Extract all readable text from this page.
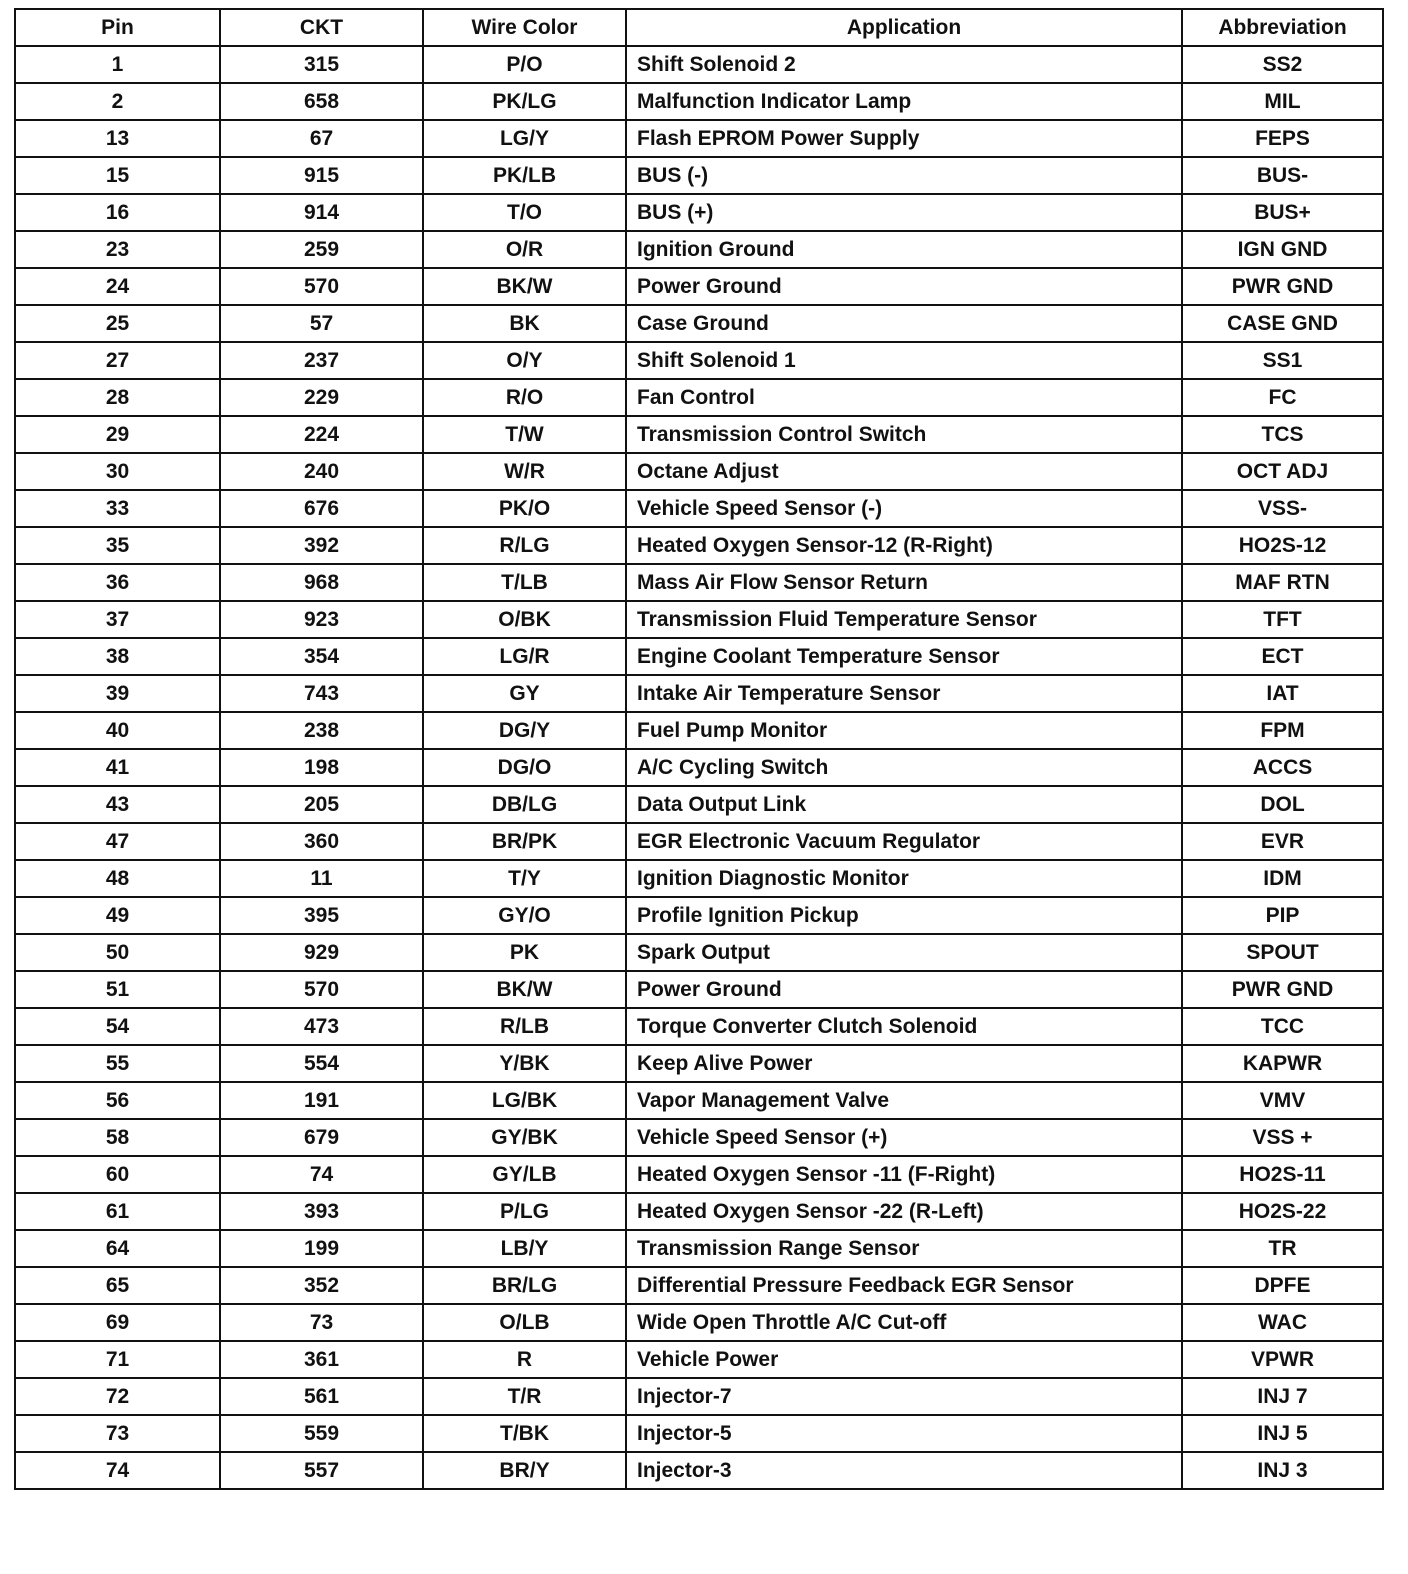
Pin	CKT	Wire Color	Application	Abbreviation
1	315	P/O	Shift Solenoid 2	SS2
2	658	PK/LG	Malfunction Indicator Lamp	MIL
13	67	LG/Y	Flash EPROM Power Supply	FEPS
15	915	PK/LB	BUS (-)	BUS-
16	914	T/O	BUS (+)	BUS+
23	259	O/R	Ignition Ground	IGN GND
24	570	BK/W	Power Ground	PWR GND
25	57	BK	Case Ground	CASE GND
27	237	O/Y	Shift Solenoid 1	SS1
28	229	R/O	Fan Control	FC
29	224	T/W	Transmission Control Switch	TCS
30	240	W/R	Octane Adjust	OCT ADJ
33	676	PK/O	Vehicle Speed Sensor (-)	VSS-
35	392	R/LG	Heated Oxygen Sensor-12 (R-Right)	HO2S-12
36	968	T/LB	Mass Air Flow Sensor Return	MAF RTN
37	923	O/BK	Transmission Fluid Temperature Sensor	TFT
38	354	LG/R	Engine Coolant Temperature Sensor	ECT
39	743	GY	Intake Air Temperature Sensor	IAT
40	238	DG/Y	Fuel Pump Monitor	FPM
41	198	DG/O	A/C Cycling Switch	ACCS
43	205	DB/LG	Data Output Link	DOL
47	360	BR/PK	EGR Electronic Vacuum Regulator	EVR
48	11	T/Y	Ignition Diagnostic Monitor	IDM
49	395	GY/O	Profile Ignition Pickup	PIP
50	929	PK	Spark Output	SPOUT
51	570	BK/W	Power Ground	PWR GND
54	473	R/LB	Torque Converter Clutch Solenoid	TCC
55	554	Y/BK	Keep Alive Power	KAPWR
56	191	LG/BK	Vapor Management Valve	VMV
58	679	GY/BK	Vehicle Speed Sensor (+)	VSS +
60	74	GY/LB	Heated Oxygen Sensor -11 (F-Right)	HO2S-11
61	393	P/LG	Heated Oxygen Sensor -22 (R-Left)	HO2S-22
64	199	LB/Y	Transmission Range Sensor	TR
65	352	BR/LG	Differential Pressure Feedback EGR Sensor	DPFE
69	73	O/LB	Wide Open Throttle A/C Cut-off	WAC
71	361	R	Vehicle Power	VPWR
72	561	T/R	Injector-7	INJ 7
73	559	T/BK	Injector-5	INJ 5
74	557	BR/Y	Injector-3	INJ 3
